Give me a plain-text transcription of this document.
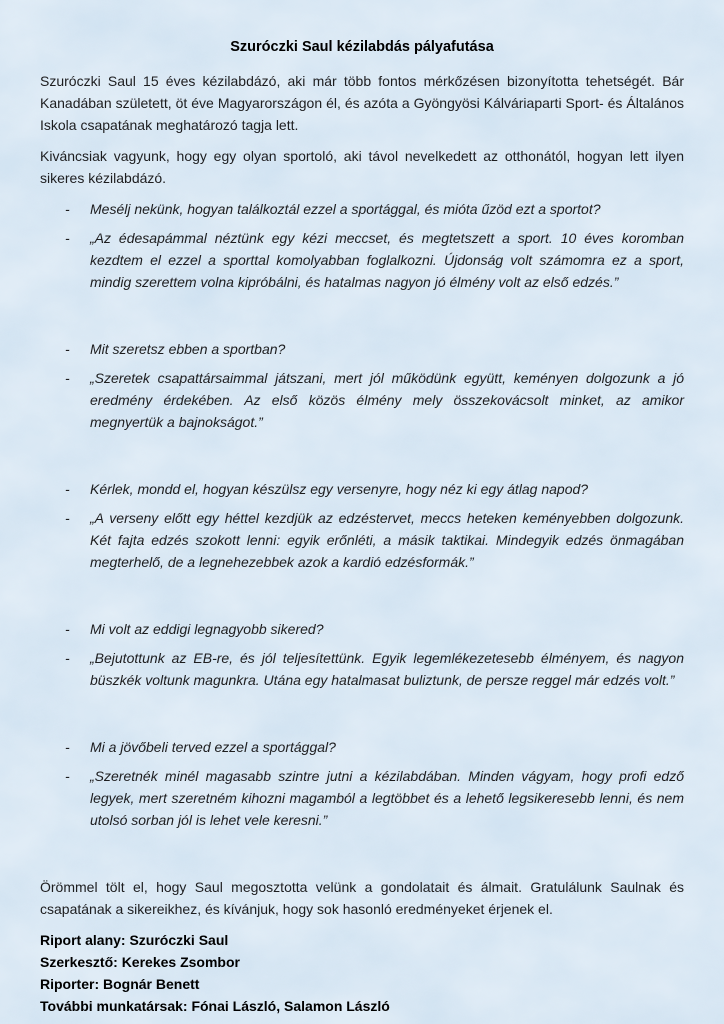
Szuróczki Saul kézilabdás pályafutása

Szuróczki Saul 15 éves kézilabdázó, aki már több fontos mérkőzésen bizonyította tehetségét. Bár Kanadában született, öt éve Magyarországon él, és azóta a Gyöngyösi Kálváriaparti Sport- és Általános Iskola csapatának meghatározó tagja lett.

Kiváncsiak vagyunk, hogy egy olyan sportoló, aki távol nevelkedett az otthonától, hogyan lett ilyen sikeres kézilabdázó.

-	Mesélj nekünk, hogyan találkoztál ezzel a sportággal, és mióta űzöd ezt a sportot?
-	„Az édesapámmal néztünk egy kézi meccset, és megtetszett a sport. 10 éves koromban kezdtem el ezzel a sporttal komolyabban foglalkozni. Újdonság volt számomra ez a sport, mindig szerettem volna kipróbálni, és hatalmas nagyon jó élmény volt az első edzés.”
-	Mit szeretsz ebben a sportban?
-	„Szeretek csapattársaimmal játszani, mert jól működünk együtt, keményen dolgozunk a jó eredmény érdekében. Az első közös élmény mely összekovácsolt minket, az amikor megnyertük a bajnokságot.”
-	Kérlek, mondd el, hogyan készülsz egy versenyre, hogy néz ki egy átlag napod?
-	„A verseny előtt egy héttel kezdjük az edzéstervet, meccs heteken keményebben dolgozunk. Két fajta edzés szokott lenni: egyik erőnléti, a másik taktikai. Mindegyik edzés önmagában megterhelő, de a legnehezebbek azok a kardió edzésformák.”
-	Mi volt az eddigi legnagyobb sikered?
-	„Bejutottunk az EB-re, és jól teljesítettünk. Egyik legemlékezetesebb élményem, és nagyon büszkék voltunk magunkra. Utána egy hatalmasat buliztunk, de persze reggel már edzés volt.”
-	Mi a jövőbeli terved ezzel a sportággal?
-	„Szeretnék minél magasabb szintre jutni a kézilabdában. Minden vágyam, hogy profi edző legyek, mert szeretném kihozni magamból a legtöbbet és a lehető legsikeresebb lenni, és nem utolsó sorban jól is lehet vele keresni.”

Örömmel tölt el, hogy Saul megosztotta velünk a gondolatait és álmait. Gratulálunk Saulnak és csapatának a sikereikhez, és kívánjuk, hogy sok hasonló eredményeket érjenek el.

Riport alany: Szuróczki Saul
Szerkesztő: Kerekes Zsombor
Riporter: Bognár Benett
További munkatársak: Fónai László, Salamon László
